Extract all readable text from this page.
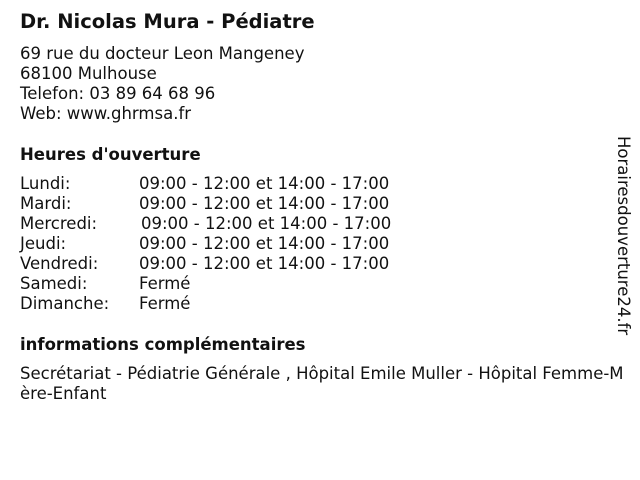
Dr. Nicolas Mura - Pédiatre
69 rue du docteur Leon Mangeney
68100 Mulhouse
Telefon: 03 89 64 68 96
Web: www.ghrmsa.fr
Heures d'ouverture
Lundi:	09:00 - 12:00 et 14:00 - 17:00
Mardi:	09:00 - 12:00 et 14:00 - 17:00
Mercredi:	09:00 - 12:00 et 14:00 - 17:00
Jeudi:	09:00 - 12:00 et 14:00 - 17:00
Vendredi: 09:00 - 12:00 et 14:00 - 17:00
Samedi:	Fermé
Dimanche: Fermé
informations complémentaires
Secrétariat - Pédiatrie Générale , Hôpital Emile Muller - Hôpital Femme-Mère-Enfant
Horairesdouverture24.fr
